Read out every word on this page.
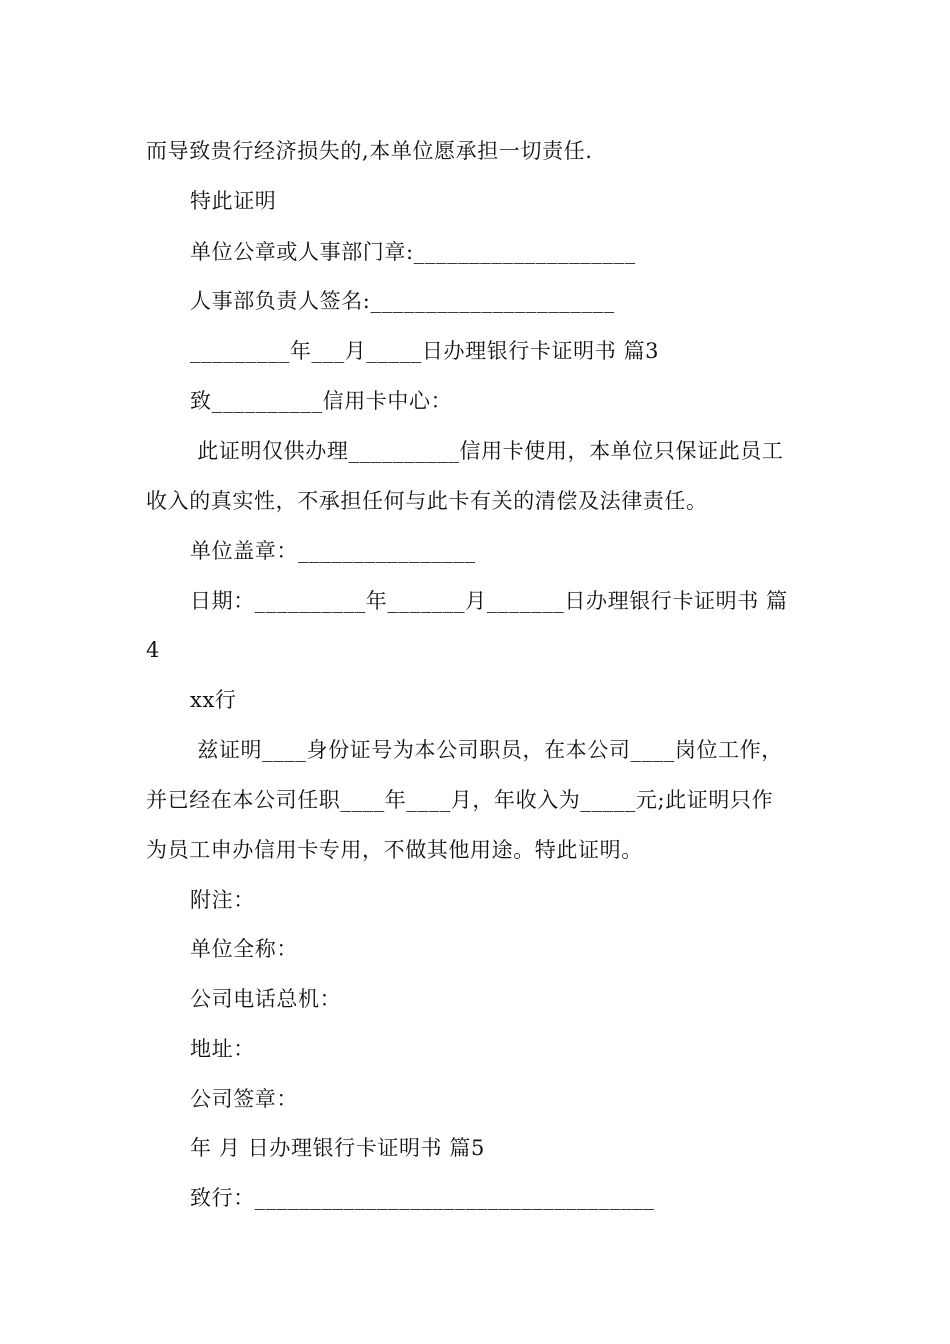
而导致贵行经济损失的,本单位愿承担一切责任.
特此证明
单位公章或人事部门章:____________________
人事部负责人签名:______________________
_________年___月_____日办理银行卡证明书 篇3
致__________信用卡中心：
此证明仅供办理__________信用卡使用，本单位只保证此员工
收入的真实性，不承担任何与此卡有关的清偿及法律责任。
单位盖章：________________
日期：__________年_______月_______日办理银行卡证明书 篇
4
xx行
兹证明____身份证号为本公司职员，在本公司____岗位工作，
并已经在本公司任职____年____月，年收入为_____元;此证明只作
为员工申办信用卡专用，不做其他用途。特此证明。
附注：
单位全称：
公司电话总机：
地址：
公司签章：
年 月 日办理银行卡证明书 篇5
致行：____________________________________
